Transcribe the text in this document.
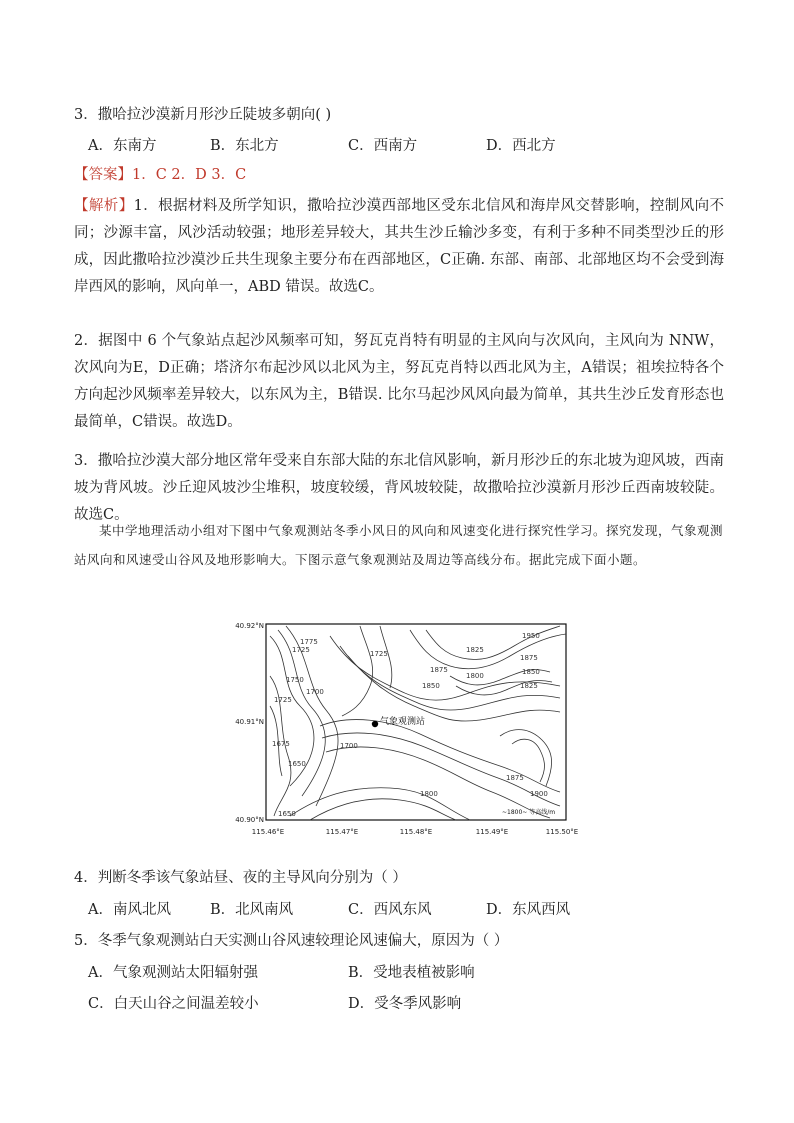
3．撒哈拉沙漠新月形沙丘陡坡多朝向( )
A．东南方	B．东北方	C．西南方	D．西北方
【答案】1．C 2．D 3．C
【解析】1．根据材料及所学知识，撒哈拉沙漠西部地区受东北信风和海岸风交替影响，控制风向不同；沙源丰富，风沙活动较强；地形差异较大，其共生沙丘输沙多变，有利于多种不同类型沙丘的形成，因此撒哈拉沙漠沙丘共生现象主要分布在西部地区，C正确. 东部、南部、北部地区均不会受到海岸西风的影响，风向单一，ABD 错误。故选C。
2．据图中 6 个气象站点起沙风频率可知，努瓦克肖特有明显的主风向与次风向，主风向为 NNW，次风向为E，D正确；塔济尔布起沙风以北风为主，努瓦克肖特以西北风为主，A错误；祖埃拉特各个方向起沙风频率差异较大，以东风为主，B错误. 比尔马起沙风风向最为简单，其共生沙丘发育形态也最简单，C错误。故选D。
3．撒哈拉沙漠大部分地区常年受来自东部大陆的东北信风影响，新月形沙丘的东北坡为迎风坡，西南坡为背风坡。沙丘迎风坡沙尘堆积，坡度较缓，背风坡较陡，故撒哈拉沙漠新月形沙丘西南坡较陡。故选C。
某中学地理活动小组对下图中气象观测站冬季小风日的风向和风速变化进行探究性学习。探究发现，气象观测站风向和风速受山谷风及地形影响大。下图示意气象观测站及周边等高线分布。据此完成下面小题。
1725
1775
1750
1725
1700
1675
1650
1700
1650
1725
1875
1850
1825
1800
1950
1875
1850
1825
1875
1800	1900
气象观测站
~1800~ 等高线/m
40.92°N
40.91°N
40.90°N
115.46°E	115.47°E	115.48°E	115.49°E	115.50°E
4．判断冬季该气象站昼、夜的主导风向分别为（ ）
A．南风北风	B．北风南风	C．西风东风	D．东风西风
5．冬季气象观测站白天实测山谷风速较理论风速偏大，原因为（ ）
A．气象观测站太阳辐射强	B．受地表植被影响
C．白天山谷之间温差较小	D．受冬季风影响
